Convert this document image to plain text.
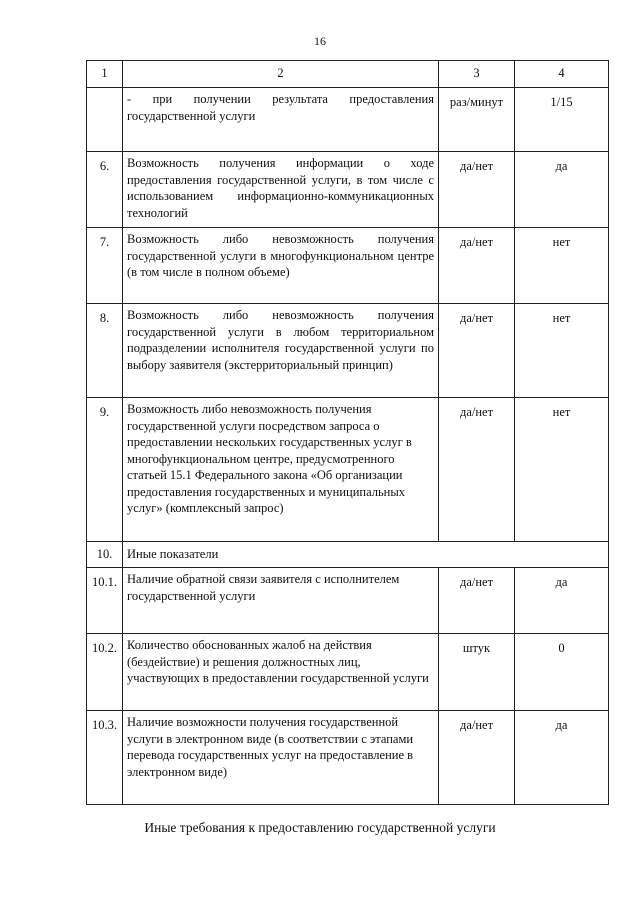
16
1	2	3	4
	- при получении результата предоставления государственной услуги	раз/минут	1/15
6.	Возможность получения информации о ходе предоставления государственной услуги, в том числе с использованием информационно-коммуникационных технологий	да/нет	да
7.	Возможность либо невозможность получения государственной услуги в многофункциональном центре (в том числе в полном объеме)	да/нет	нет
8.	Возможность либо невозможность получения государственной услуги в любом территориальном подразделении исполнителя государственной услуги по выбору заявителя (экстерриториальный принцип)	да/нет	нет
9.	Возможность либо невозможность получения государственной услуги посредством запроса о предоставлении нескольких государственных услуг в многофункциональном центре, предусмотренного статьей 15.1 Федерального закона «Об организации предоставления государственных и муниципальных услуг» (комплексный запрос)	да/нет	нет
10.	Иные показатели		
10.1.	Наличие обратной связи заявителя с исполнителем государственной услуги	да/нет	да
10.2.	Количество обоснованных жалоб на действия (бездействие) и решения должностных лиц, участвующих в предоставлении государственной услуги	штук	0
10.3.	Наличие возможности получения государственной услуги в электронном виде (в соответствии с этапами перевода государственных услуг на предоставление в электронном виде)	да/нет	да
Иные требования к предоставлению государственной услуги
